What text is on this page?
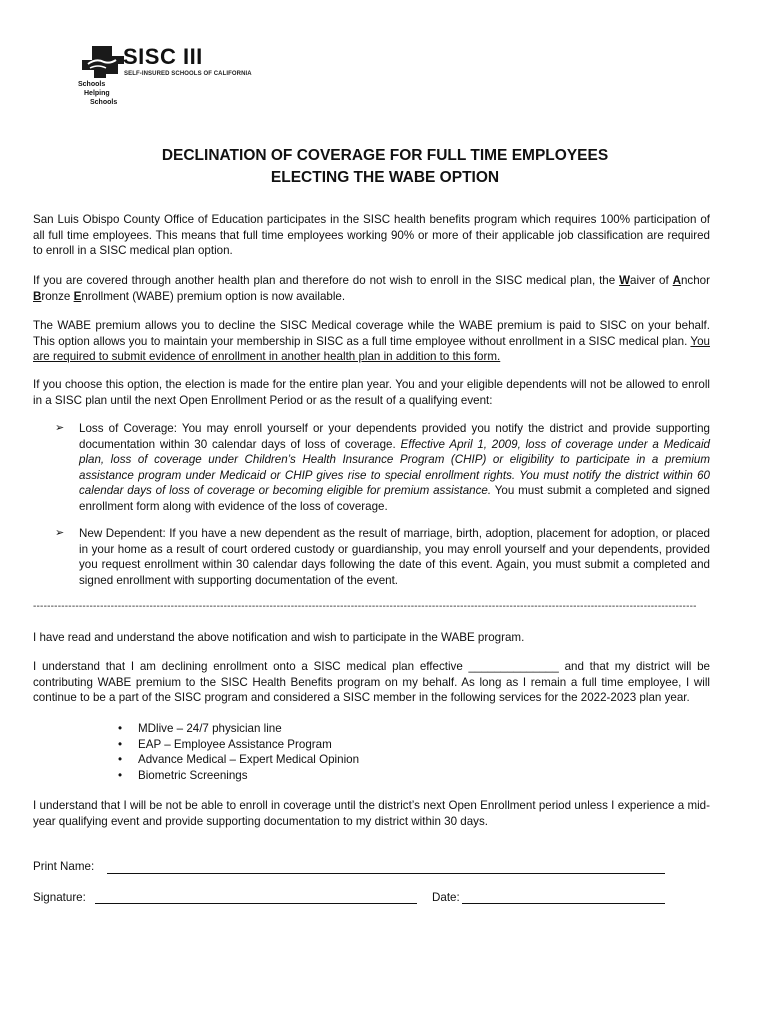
SISC III
SELF-INSURED SCHOOLS OF CALIFORNIA
Schools
Helping
Schools
DECLINATION OF COVERAGE FOR FULL TIME EMPLOYEES
ELECTING THE WABE OPTION

San Luis Obispo County Office of Education participates in the SISC health benefits program which requires 100% participation of all full time employees. This means that full time employees working 90% or more of their applicable job classification are required to enroll in a SISC medical plan option.

If you are covered through another health plan and therefore do not wish to enroll in the SISC medical plan, the Waiver of Anchor Bronze Enrollment (WABE) premium option is now available.

The WABE premium allows you to decline the SISC Medical coverage while the WABE premium is paid to SISC on your behalf. This option allows you to maintain your membership in SISC as a full time employee without enrollment in a SISC medical plan. You are required to submit evidence of enrollment in another health plan in addition to this form.

If you choose this option, the election is made for the entire plan year. You and your eligible dependents will not be allowed to enroll in a SISC plan until the next Open Enrollment Period or as the result of a qualifying event:

➢ Loss of Coverage: You may enroll yourself or your dependents provided you notify the district and provide supporting documentation within 30 calendar days of loss of coverage. Effective April 1, 2009, loss of coverage under a Medicaid plan, loss of coverage under Children’s Health Insurance Program (CHIP) or eligibility to participate in a premium assistance program under Medicaid or CHIP gives rise to special enrollment rights. You must notify the district within 60 calendar days of loss of coverage or becoming eligible for premium assistance. You must submit a completed and signed enrollment form along with evidence of the loss of coverage.
➢ New Dependent: If you have a new dependent as the result of marriage, birth, adoption, placement for adoption, or placed in your home as a result of court ordered custody or guardianship, you may enroll yourself and your dependents, provided you request enrollment within 30 calendar days following the date of this event. Again, you must submit a completed and signed enrollment with supporting documentation of the event.
--------------------------------------------------------------------------------------------------------------------------------------------------------------------------------------------

I have read and understand the above notification and wish to participate in the WABE program.

I understand that I am declining enrollment onto a SISC medical plan effective ______________ and that my district will be contributing WABE premium to the SISC Health Benefits program on my behalf. As long as I remain a full time employee, I will continue to be a part of the SISC program and considered a SISC member in the following services for the 2022-2023 plan year.

• MDlive – 24/7 physician line
• EAP – Employee Assistance Program
• Advance Medical – Expert Medical Opinion
• Biometric Screenings

I understand that I will be not be able to enroll in coverage until the district’s next Open Enrollment period unless I experience a mid-year qualifying event and provide supporting documentation to my district within 30 days.

Print Name:
Signature:	Date:
